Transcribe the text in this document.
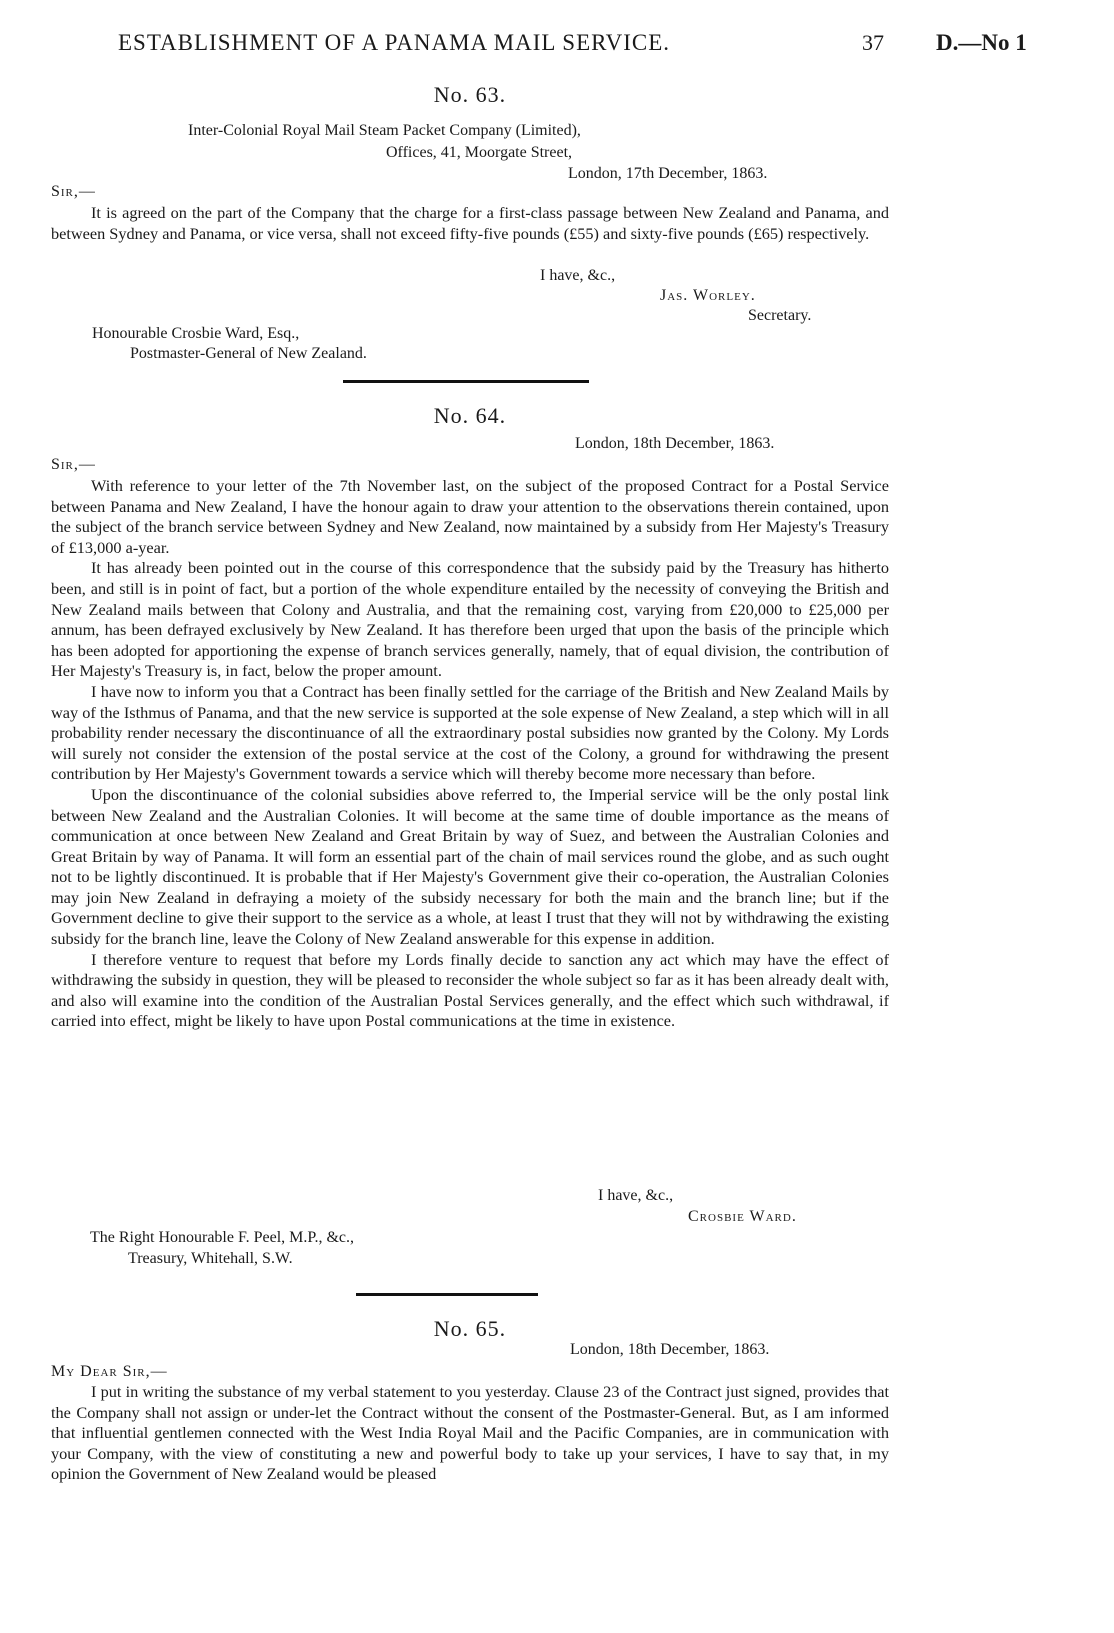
ESTABLISHMENT OF A PANAMA MAIL SERVICE.	37 D.—No 1
No. 63.
Inter-Colonial Royal Mail Steam Packet Company (Limited),
Offices, 41, Moorgate Street,
London, 17th December, 1863.
Sir,—

It is agreed on the part of the Company that the charge for a first-class passage between New Zealand and Panama, and between Sydney and Panama, or vice versa, shall not exceed fifty-five pounds (£55) and sixty-five pounds (£65) respectively.

I have, &c.,
Jas. Worley.
Secretary.
Honourable Crosbie Ward, Esq.,
Postmaster-General of New Zealand.
No. 64.
London, 18th December, 1863.
Sir,—

With reference to your letter of the 7th November last, on the subject of the proposed Contract for a Postal Service between Panama and New Zealand, I have the honour again to draw your attention to the observations therein contained, upon the subject of the branch service between Sydney and New Zealand, now maintained by a subsidy from Her Majesty's Treasury of £13,000 a-year.

It has already been pointed out in the course of this correspondence that the subsidy paid by the Treasury has hitherto been, and still is in point of fact, but a portion of the whole expenditure entailed by the necessity of conveying the British and New Zealand mails between that Colony and Australia, and that the remaining cost, varying from £20,000 to £25,000 per annum, has been defrayed exclusively by New Zealand. It has therefore been urged that upon the basis of the principle which has been adopted for apportioning the expense of branch services generally, namely, that of equal division, the contribution of Her Majesty's Treasury is, in fact, below the proper amount.

I have now to inform you that a Contract has been finally settled for the carriage of the British and New Zealand Mails by way of the Isthmus of Panama, and that the new service is supported at the sole expense of New Zealand, a step which will in all probability render necessary the discontinuance of all the extraordinary postal subsidies now granted by the Colony. My Lords will surely not consider the extension of the postal service at the cost of the Colony, a ground for withdrawing the present contribution by Her Majesty's Government towards a service which will thereby become more necessary than before.

Upon the discontinuance of the colonial subsidies above referred to, the Imperial service will be the only postal link between New Zealand and the Australian Colonies. It will become at the same time of double importance as the means of communication at once between New Zealand and Great Britain by way of Suez, and between the Australian Colonies and Great Britain by way of Panama. It will form an essential part of the chain of mail services round the globe, and as such ought not to be lightly discontinued. It is probable that if Her Majesty's Government give their co-operation, the Australian Colonies may join New Zealand in defraying a moiety of the subsidy necessary for both the main and the branch line; but if the Government decline to give their support to the service as a whole, at least I trust that they will not by withdrawing the existing subsidy for the branch line, leave the Colony of New Zealand answerable for this expense in addition.

I therefore venture to request that before my Lords finally decide to sanction any act which may have the effect of withdrawing the subsidy in question, they will be pleased to reconsider the whole subject so far as it has been already dealt with, and also will examine into the condition of the Australian Postal Services generally, and the effect which such withdrawal, if carried into effect, might be likely to have upon Postal communications at the time in existence.

I have, &c.,
Crosbie Ward.
The Right Honourable F. Peel, M.P., &c.,
Treasury, Whitehall, S.W.
No. 65.
London, 18th December, 1863.
My Dear Sir,—

I put in writing the substance of my verbal statement to you yesterday. Clause 23 of the Contract just signed, provides that the Company shall not assign or under-let the Contract without the consent of the Postmaster-General. But, as I am informed that influential gentlemen connected with the West India Royal Mail and the Pacific Companies, are in communication with your Company, with the view of constituting a new and powerful body to take up your services, I have to say that, in my opinion the Government of New Zealand would be pleased
